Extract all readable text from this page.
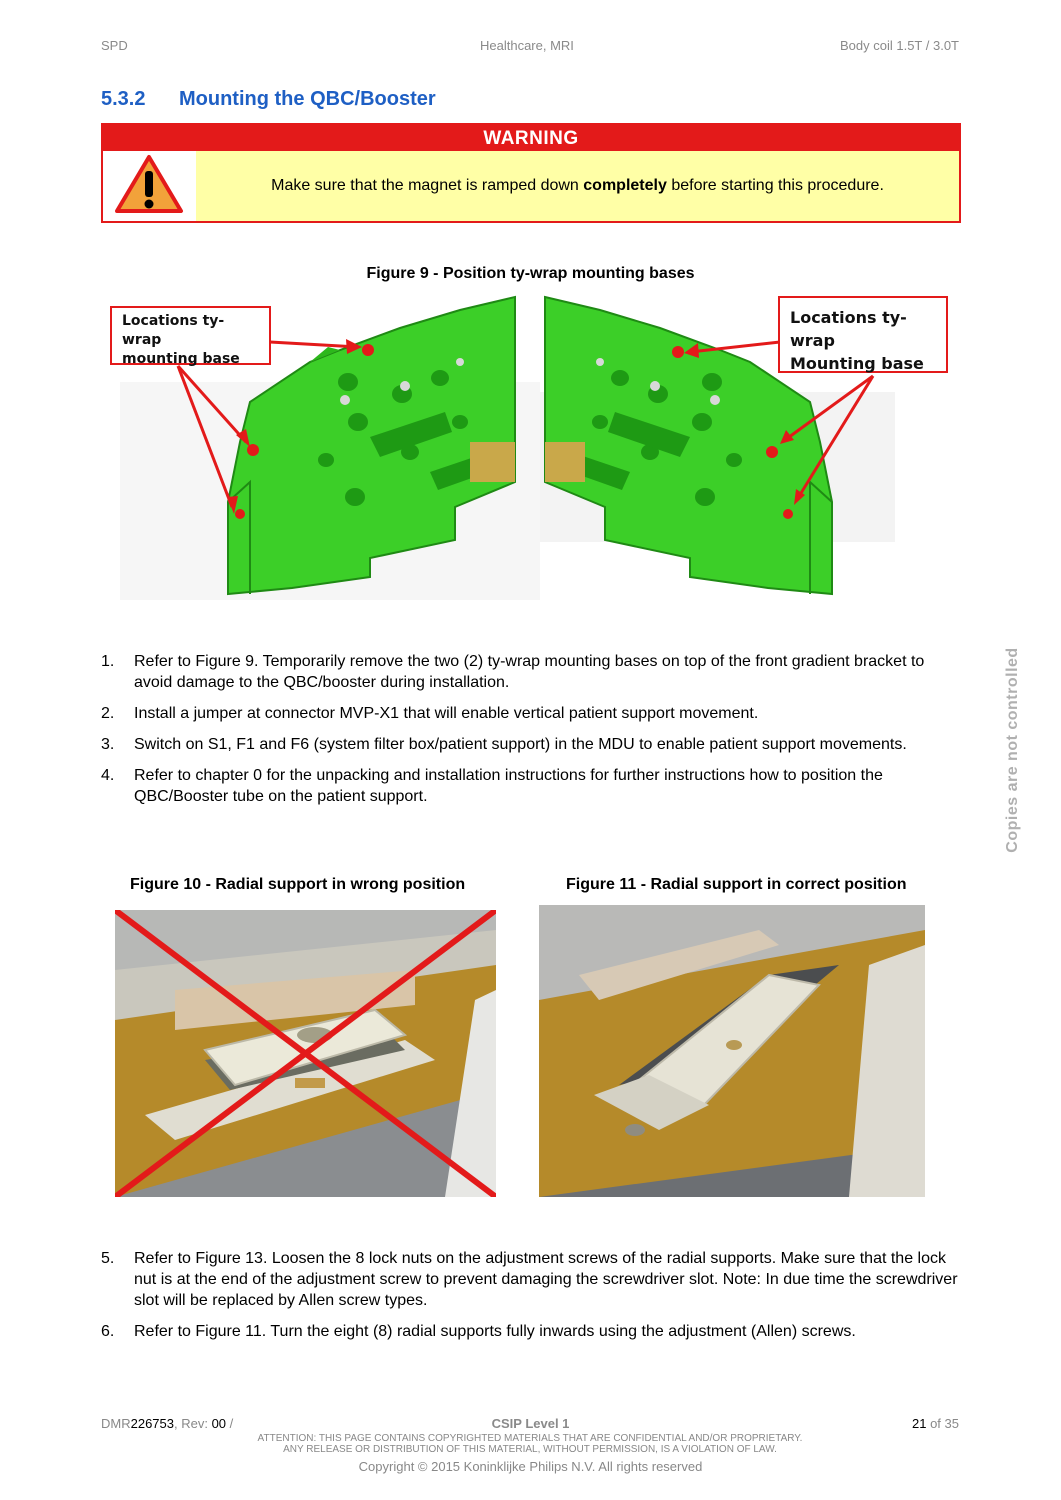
SPD	Healthcare, MRI	Body coil 1.5T / 3.0T
5.3.2 Mounting the QBC/Booster
WARNING
Make sure that the magnet is ramped down completely before starting this procedure.
Figure 9 - Position ty-wrap mounting bases
Locations ty-wrap
mounting base
Locations ty-wrap
Mounting base
1. Refer to Figure 9. Temporarily remove the two (2) ty-wrap mounting bases on top of the front gradient bracket to avoid damage to the QBC/booster during installation.
2. Install a jumper at connector MVP-X1 that will enable vertical patient support movement.
3. Switch on S1, F1 and F6 (system filter box/patient support) in the MDU to enable patient support movements.
4. Refer to chapter 0 for the unpacking and installation instructions for further instructions how to position the QBC/Booster tube on the patient support.
Figure 10 - Radial support in wrong position	Figure 11 - Radial support in correct position
5. Refer to Figure 13. Loosen the 8 lock nuts on the adjustment screws of the radial supports. Make sure that the lock nut is at the end of the adjustment screw to prevent damaging the screwdriver slot. Note: In due time the screwdriver slot will be replaced by Allen screw types.
6. Refer to Figure 11. Turn the eight (8) radial supports fully inwards using the adjustment (Allen) screws.
Copies are not controlled
DMR226753, Rev: 00 /	CSIP Level 1	21 of 35
ATTENTION: THIS PAGE CONTAINS COPYRIGHTED MATERIALS THAT ARE CONFIDENTIAL AND/OR PROPRIETARY.
ANY RELEASE OR DISTRIBUTION OF THIS MATERIAL, WITHOUT PERMISSION, IS A VIOLATION OF LAW.
Copyright © 2015 Koninklijke Philips N.V. All rights reserved
